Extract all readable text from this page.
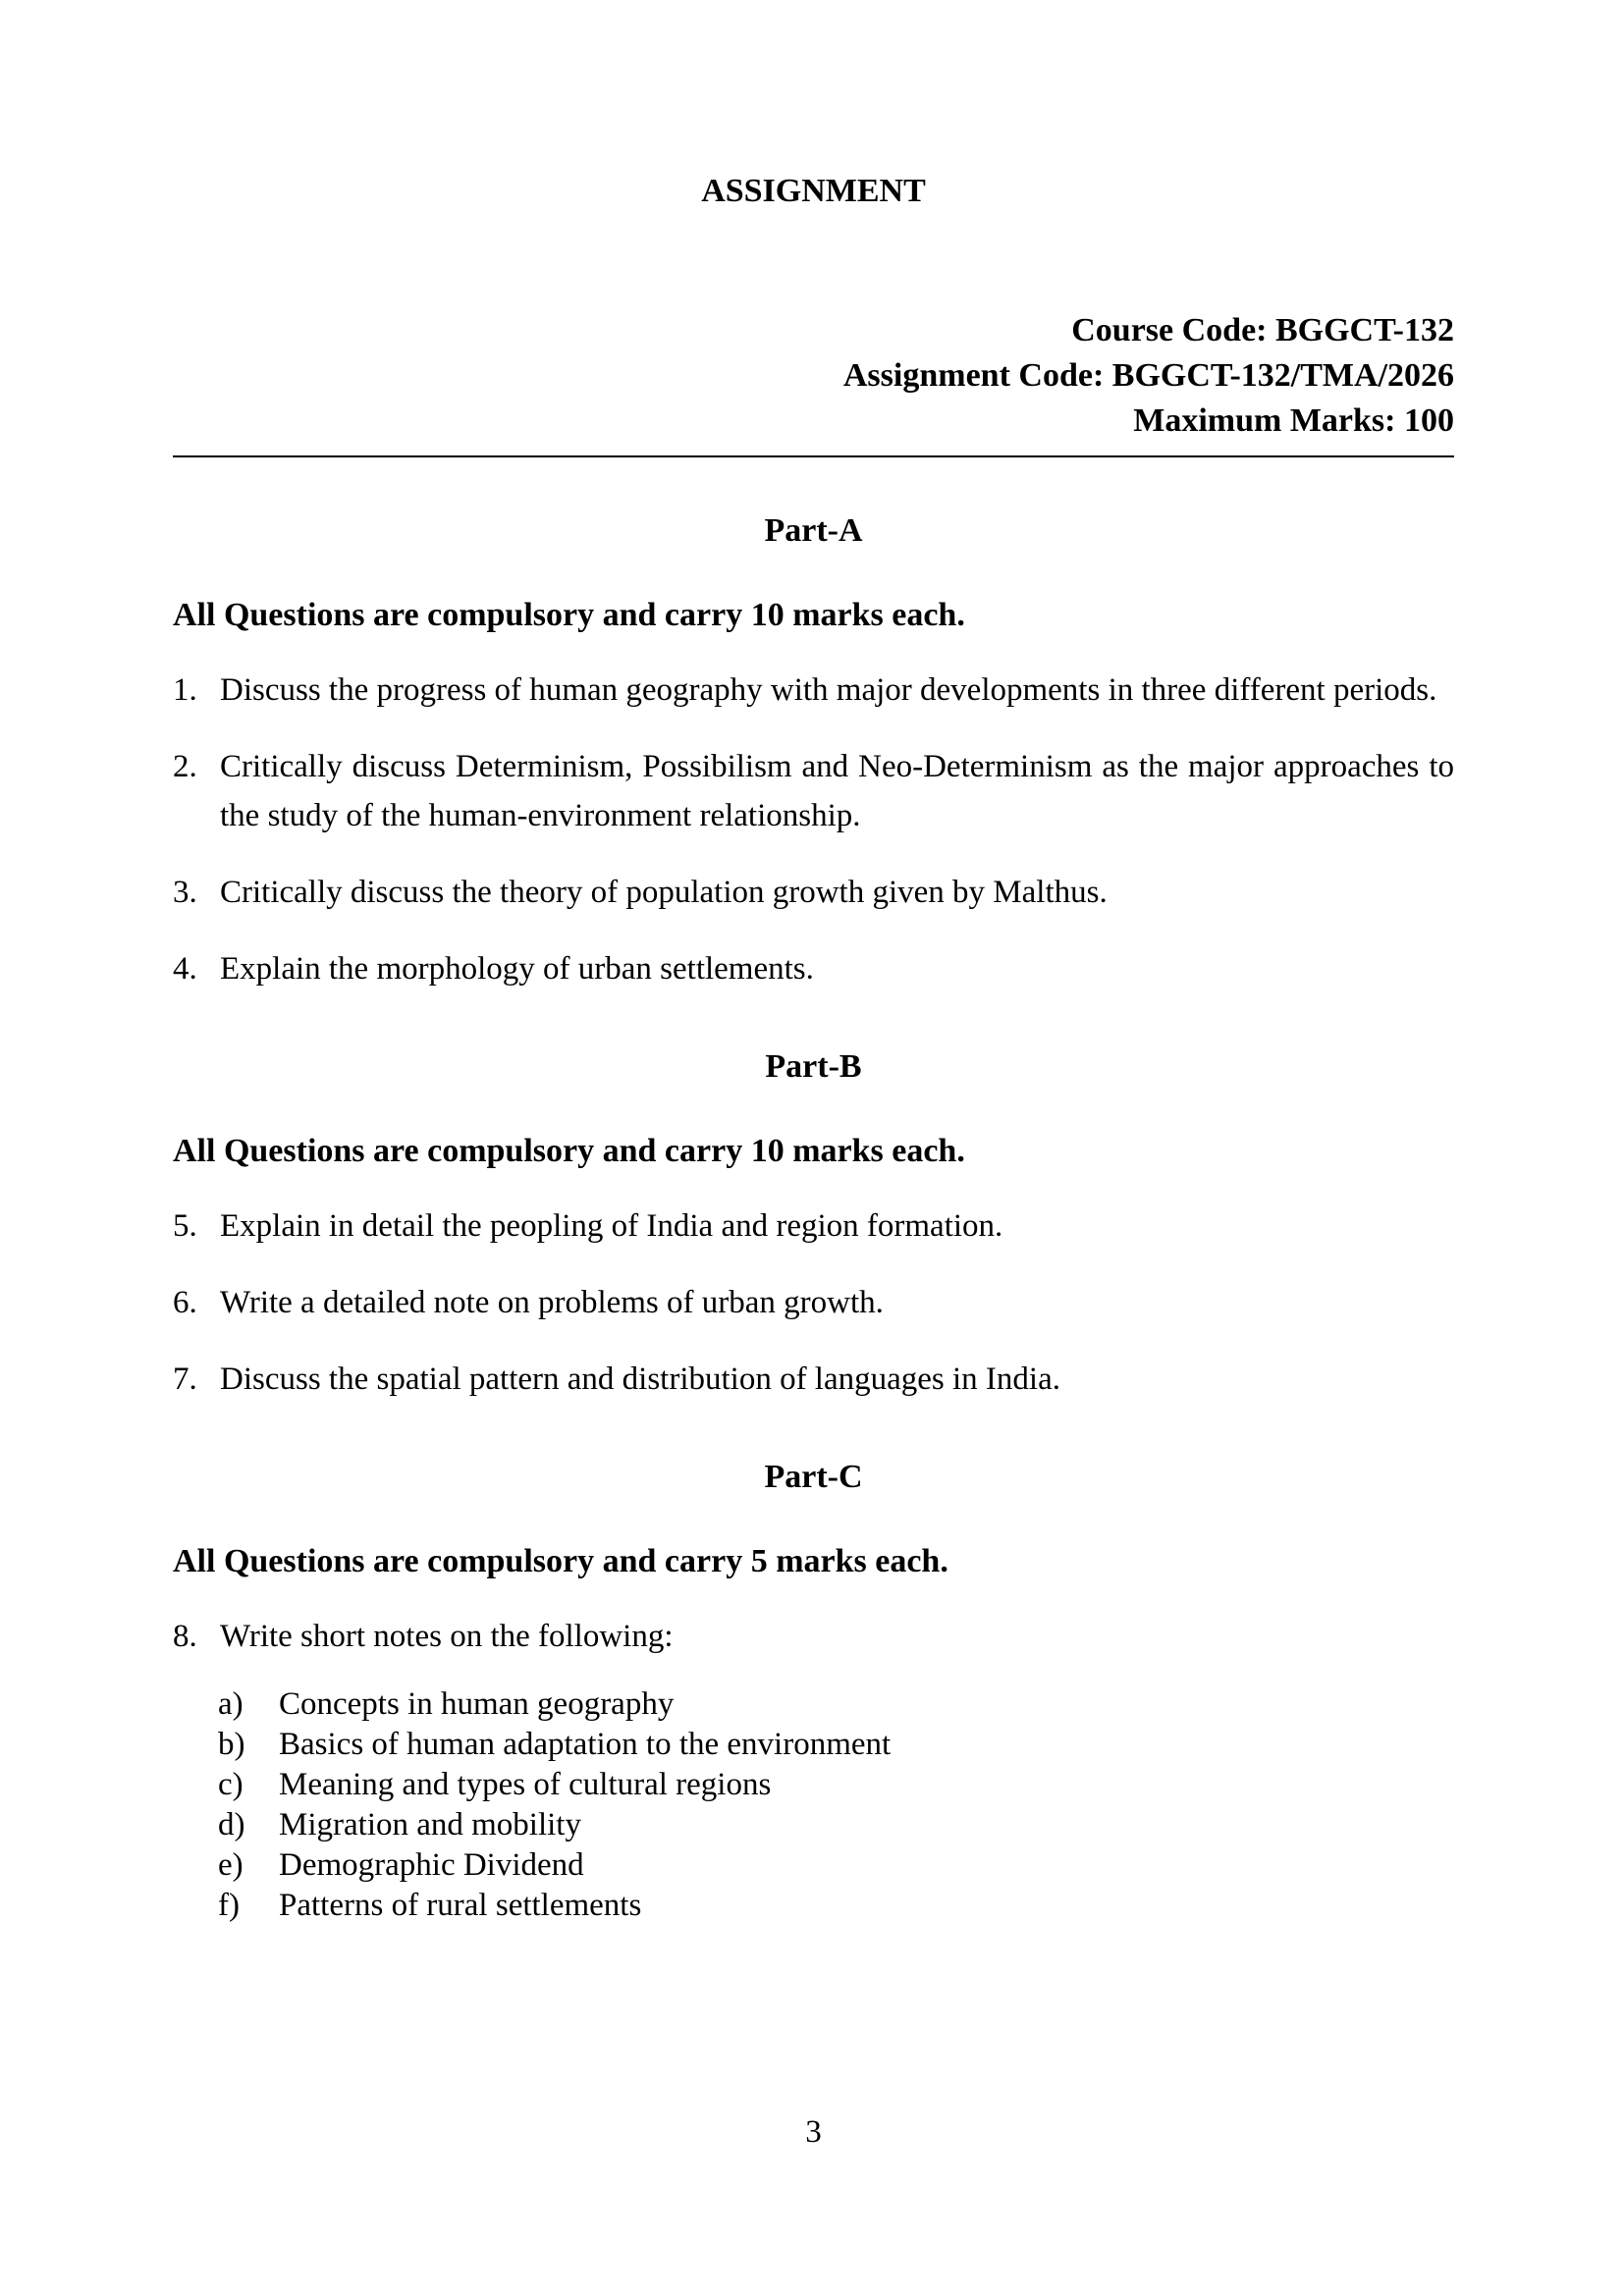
ASSIGNMENT
Course Code: BGGCT-132
Assignment Code: BGGCT-132/TMA/2026
Maximum Marks: 100
Part-A
All Questions are compulsory and carry 10 marks each.
1. Discuss the progress of human geography with major developments in three different periods.
2. Critically discuss Determinism, Possibilism and Neo-Determinism as the major approaches to the study of the human-environment relationship.
3. Critically discuss the theory of population growth given by Malthus.
4. Explain the morphology of urban settlements.
Part-B
All Questions are compulsory and carry 10 marks each.
5. Explain in detail the peopling of India and region formation.
6. Write a detailed note on problems of urban growth.
7. Discuss the spatial pattern and distribution of languages in India.
Part-C
All Questions are compulsory and carry 5 marks each.
8. Write short notes on the following:
a)	Concepts in human geography
b)	Basics of human adaptation to the environment
c)	Meaning and types of cultural regions
d)	Migration and mobility
e)	Demographic Dividend
f)	Patterns of rural settlements
3
